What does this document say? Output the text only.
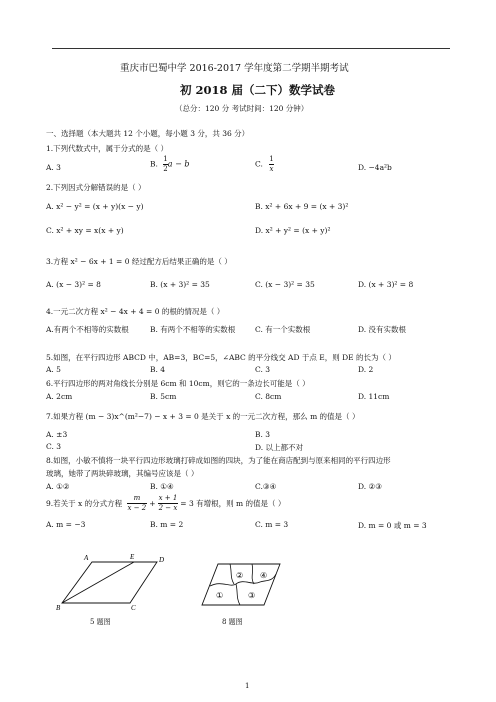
重庆市巴蜀中学 2016-2017 学年度第二学期半期考试
初 2018 届（二下）数学试卷
（总分：120 分 考试时间：120 分钟）
一、选择题（本大题共 12 个小题，每小题 3 分，共 36 分）
1.下列代数式中，属于分式的是（ ）
A. 3	B. $\frac{1}{2}$ a − b	C. $\frac{1}{x}$	D. −4a²b
2.下列因式分解错误的是（ ）
A. x² − y² = (x + y)(x − y)	B. x² + 6x + 9 = (x + 3)²
C. x² + xy = x(x + y)	D. x² + y² = (x + y)²
3.方程 x² − 6x + 1 = 0 经过配方后结果正确的是（ ）
A. (x − 3)² = 8	B. (x + 3)² = 35	C. (x − 3)² = 35	D. (x + 3)² = 8
4.一元二次方程 x² − 4x + 4 = 0 的根的情况是（ ）
A.有两个不相等的实数根	B. 有两个不相等的实数根	C. 有一个实数根	D. 没有实数根
5.如图，在平行四边形 ABCD 中，AB=3，BC=5，∠ABC 的平分线交 AD 于点 E，则 DE 的长为（ ）
A. 5	B. 4	C. 3	D. 2
6.平行四边形的两对角线长分别是 6cm 和 10cm，则它的一条边长可能是（ ）
A. 2cm	B. 5cm	C. 8cm	D. 11cm
7.如果方程 (m − 3)x^(m²−7) − x + 3 = 0 是关于 x 的一元二次方程，那么 m 的值是（ ）
A. ±3	B. 3
C. 3	D. 以上都不对
8.如图，小敏不慎将一块平行四边形玻璃打碎成如图的四块，为了能在商店配到与原来相同的平行四边形
玻璃，她带了两块碎玻璃，其编号应该是（ ）
A. ①②	B. ①④	C.③④	D. ②③
9.若关于 x 的分式方程 $\frac{m}{x - 2} + \frac{x + 1}{2 - x} = 3$ 有增根，则 m 的值是（ ）
A. m = −3	B. m = 2	C. m = 3	D. m = 0 或 m = 3
A	E	D
B	C
5 题图
①
②
③
④
8 题图
1
